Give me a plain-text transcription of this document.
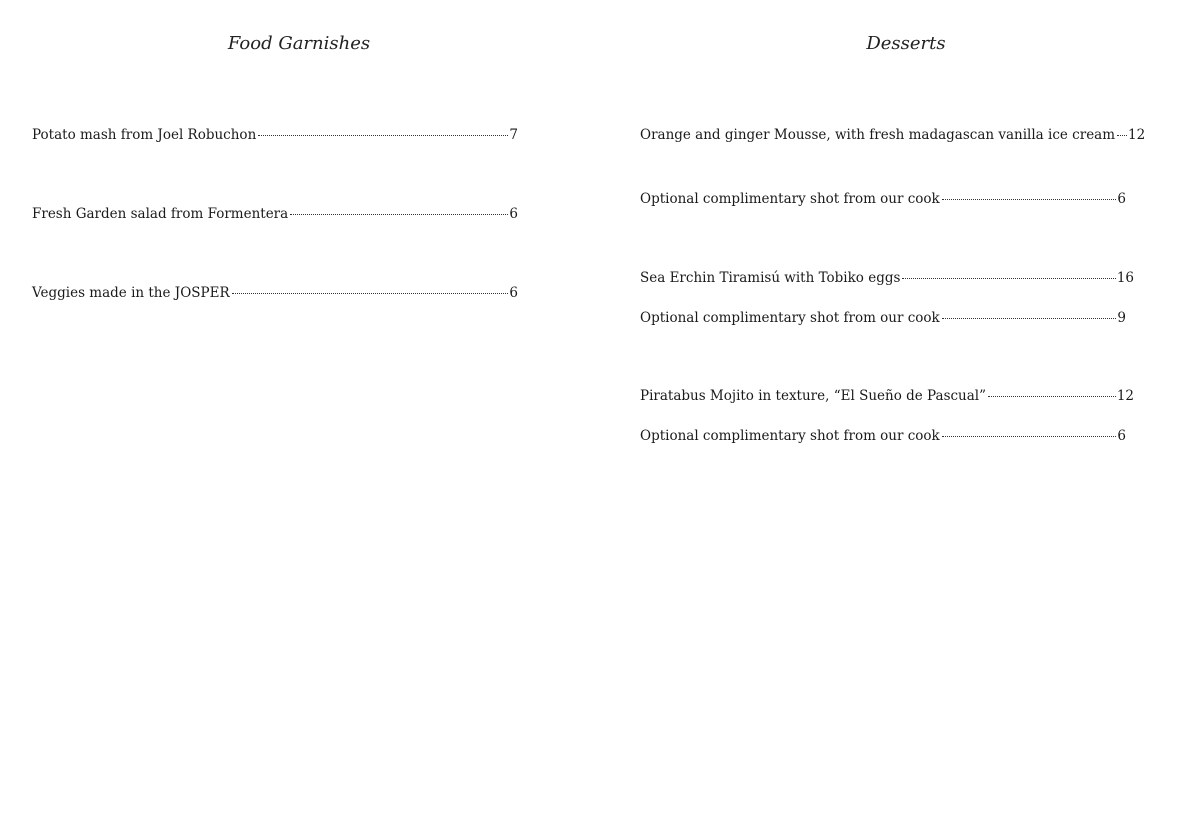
Food Garnishes
Potato mash from Joel Robuchon	7
Fresh Garden salad from Formentera	6
Veggies made in the JOSPER	6
Desserts
Orange and ginger Mousse, with fresh madagascan vanilla ice cream 12
Optional complimentary shot from our cook	6
Sea Erchin Tiramisú with Tobiko eggs	16
Optional complimentary shot from our cook	9
Piratabus Mojito in texture, “El Sueño de Pascual”	12
Optional complimentary shot from our cook	6
